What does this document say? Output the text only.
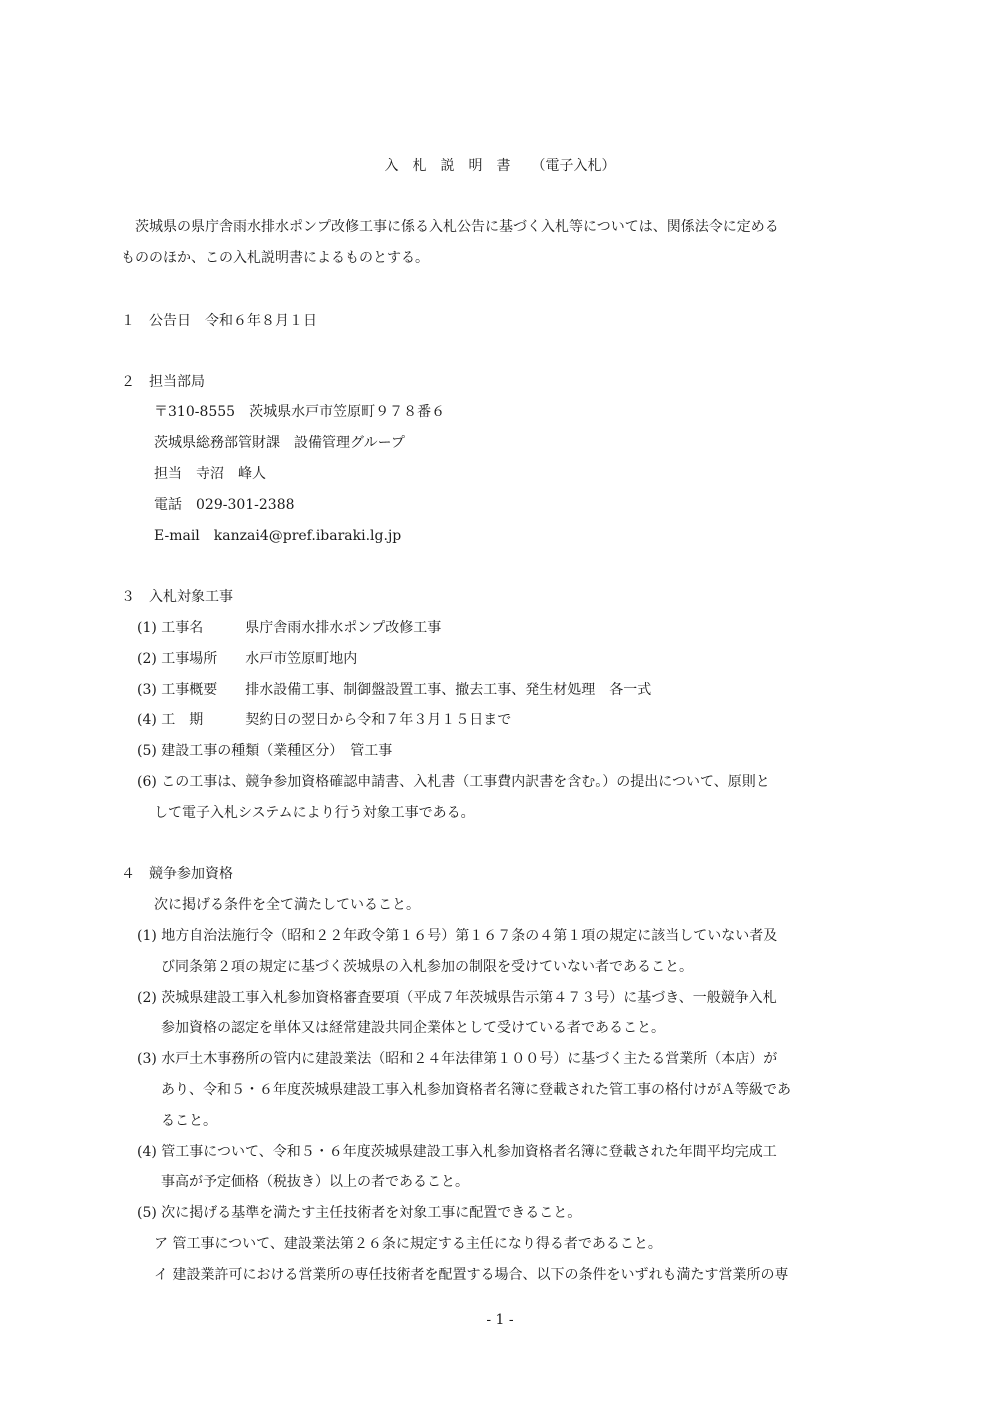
入　札　説　明　書　　（電子入札）
　茨城県の県庁舎雨水排水ポンプ改修工事に係る入札公告に基づく入札等については、関係法令に定める
もののほか、この入札説明書によるものとする。
１　公告日　令和６年８月１日
２　担当部局
〒310-8555　茨城県水戸市笠原町９７８番６
茨城県総務部管財課　設備管理グループ
担当　寺沼　峰人
電話　029-301-2388
E-mail　kanzai4@pref.ibaraki.lg.jp
３　入札対象工事
(1) 工事名　　　県庁舎雨水排水ポンプ改修工事
(2) 工事場所　　水戸市笠原町地内
(3) 工事概要　　排水設備工事、制御盤設置工事、撤去工事、発生材処理　各一式
(4) 工　期　　　契約日の翌日から令和７年３月１５日まで
(5) 建設工事の種類（業種区分）　管工事
(6) この工事は、競争参加資格確認申請書、入札書（工事費内訳書を含む。）の提出について、原則と
して電子入札システムにより行う対象工事である。
４　競争参加資格
次に掲げる条件を全て満たしていること。
(1) 地方自治法施行令（昭和２２年政令第１６号）第１６７条の４第１項の規定に該当していない者及
び同条第２項の規定に基づく茨城県の入札参加の制限を受けていない者であること。
(2) 茨城県建設工事入札参加資格審査要項（平成７年茨城県告示第４７３号）に基づき、一般競争入札
参加資格の認定を単体又は経常建設共同企業体として受けている者であること。
(3) 水戸土木事務所の管内に建設業法（昭和２４年法律第１００号）に基づく主たる営業所（本店）が
あり、令和５・６年度茨城県建設工事入札参加資格者名簿に登載された管工事の格付けがＡ等級であ
ること。
(4) 管工事について、令和５・６年度茨城県建設工事入札参加資格者名簿に登載された年間平均完成工
事高が予定価格（税抜き）以上の者であること。
(5) 次に掲げる基準を満たす主任技術者を対象工事に配置できること。
ア 管工事について、建設業法第２６条に規定する主任になり得る者であること。
イ 建設業許可における営業所の専任技術者を配置する場合、以下の条件をいずれも満たす営業所の専
- 1 -
